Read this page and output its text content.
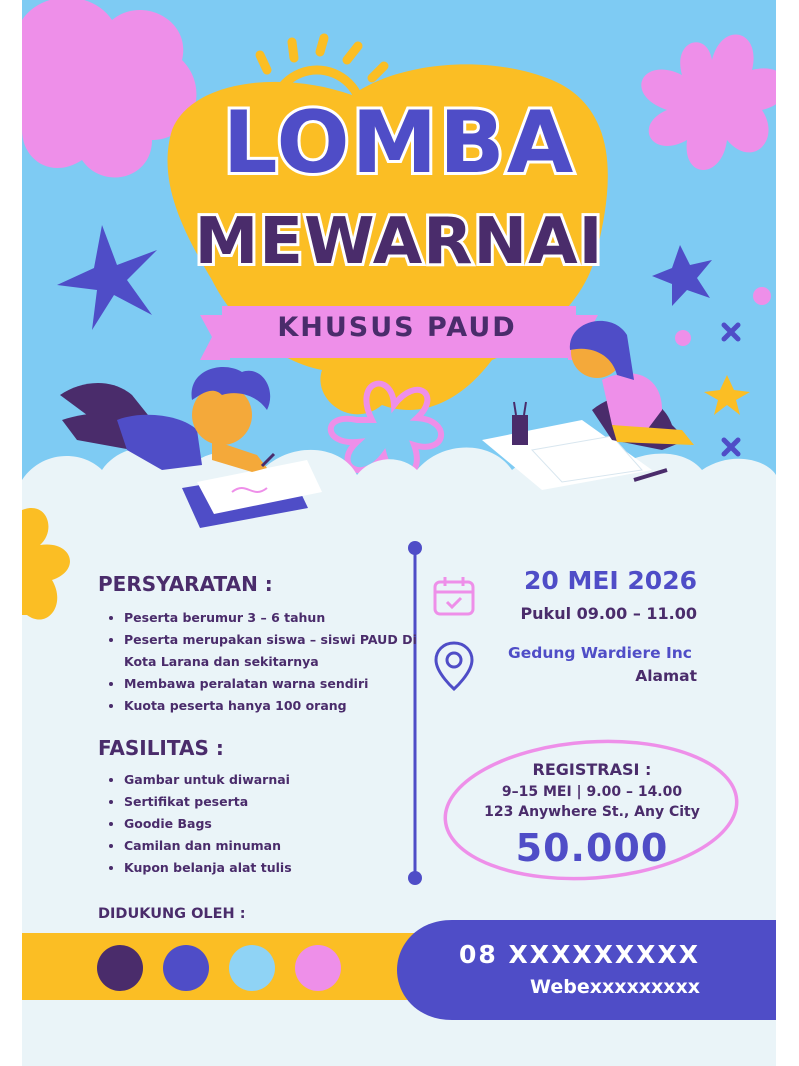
LOMBA
MEWARNAI
KHUSUS PAUD
PERSYARATAN :
• Peserta berumur 3 – 6 tahun
• Peserta merupakan siswa – siswi PAUD Di Kota Larana dan sekitarnya
• Membawa peralatan warna sendiri
• Kuota peserta hanya 100 orang
FASILITAS :
• Gambar untuk diwarnai
• Sertifikat peserta
• Goodie Bags
• Camilan dan minuman
• Kupon belanja alat tulis
20 MEI 2026
Pukul 09.00 – 11.00
Gedung Wardiere Inc
Alamat
REGISTRASI :
9–15 MEI | 9.00 – 14.00
123 Anywhere St., Any City
50.000
DIDUKUNG OLEH :
08 XXXXXXXXX
Webexxxxxxxxx
